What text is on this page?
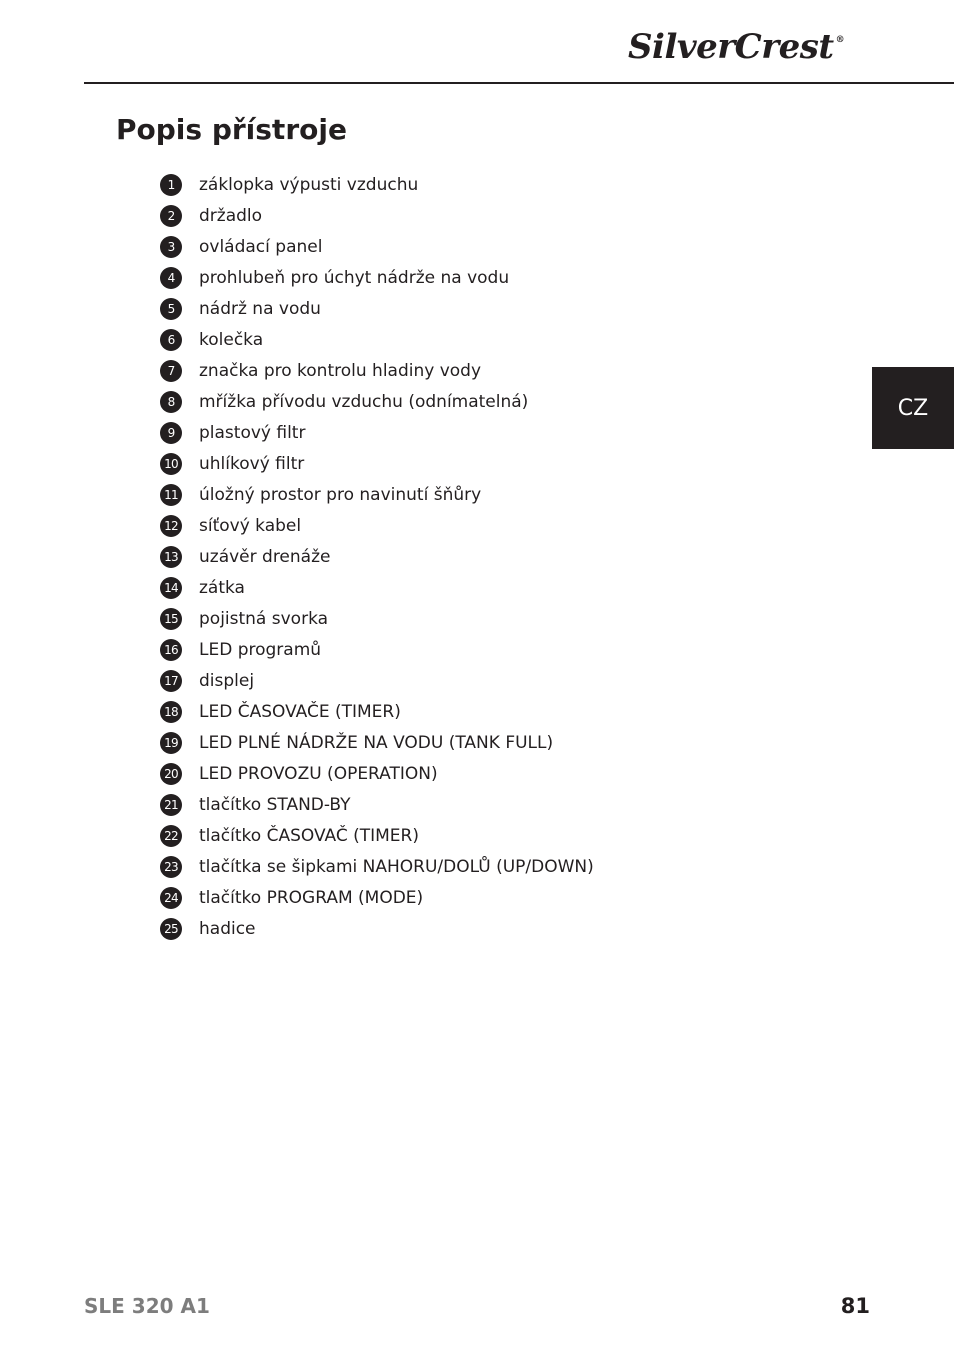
SilverCrest ®
Popis přístroje
1	záklopka výpusti vzduchu
2	držadlo
3	ovládací panel
4	prohlubeň pro úchyt nádrže na vodu
5	nádrž na vodu
6	kolečka
7	značka pro kontrolu hladiny vody
8	mřížka přívodu vzduchu (odnímatelná)
9	plastový filtr
10 uhlíkový filtr
11 úložný prostor pro navinutí šňůry
12 síťový kabel
13 uzávěr drenáže
14 zátka
15 pojistná svorka
16 LED programů
17 displej
18 LED ČASOVAČE (TIMER)
19 LED PLNÉ NÁDRŽE NA VODU (TANK FULL)
20 LED PROVOZU (OPERATION)
21 tlačítko STAND-BY
22 tlačítko ČASOVAČ (TIMER)
23 tlačítka se šipkami NAHORU/DOLŮ (UP/DOWN)
24 tlačítko PROGRAM (MODE)
25 hadice
CZ
SLE 320 A1	81
